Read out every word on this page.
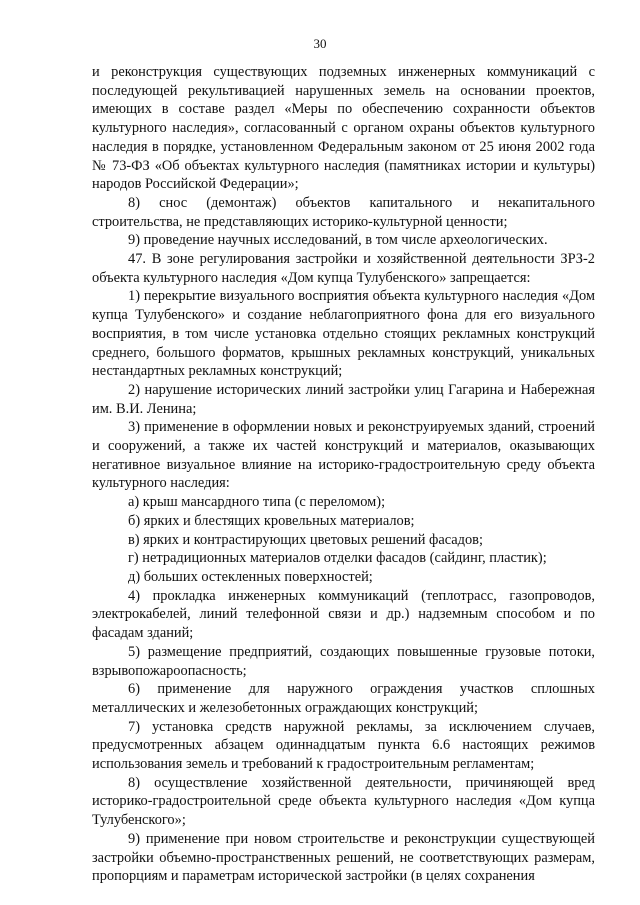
30

и реконструкция существующих подземных инженерных коммуникаций с последующей рекультивацией нарушенных земель на основании проектов, имеющих в составе раздел «Меры по обеспечению сохранности объектов культурного наследия», согласованный с органом охраны объектов культурного наследия в порядке, установленном Федеральным законом от 25 июня 2002 года № 73-ФЗ «Об объектах культурного наследия (памятниках истории и культуры) народов Российской Федерации»;

8) снос (демонтаж) объектов капитального и некапитального строительства, не представляющих историко-культурной ценности;

9) проведение научных исследований, в том числе археологических.

47. В зоне регулирования застройки и хозяйственной деятельности ЗРЗ-2 объекта культурного наследия «Дом купца Тулубенского» запрещается:

1) перекрытие визуального восприятия объекта культурного наследия «Дом купца Тулубенского» и создание неблагоприятного фона для его визуального восприятия, в том числе установка отдельно стоящих рекламных конструкций среднего, большого форматов, крышных рекламных конструкций, уникальных нестандартных рекламных конструкций;

2) нарушение исторических линий застройки улиц Гагарина и Набережная им. В.И. Ленина;

3) применение в оформлении новых и реконструируемых зданий, строений и сооружений, а также их частей конструкций и материалов, оказывающих негативное визуальное влияние на историко-градостроительную среду объекта культурного наследия:

а) крыш мансардного типа (с переломом);

б) ярких и блестящих кровельных материалов;

в) ярких и контрастирующих цветовых решений фасадов;

г) нетрадиционных материалов отделки фасадов (сайдинг, пластик);

д) больших остекленных поверхностей;

4) прокладка инженерных коммуникаций (теплотрасс, газопроводов, электрокабелей, линий телефонной связи и др.) надземным способом и по фасадам зданий;

5) размещение предприятий, создающих повышенные грузовые потоки, взрывопожароопасность;

6) применение для наружного ограждения участков сплошных металлических и железобетонных ограждающих конструкций;

7) установка средств наружной рекламы, за исключением случаев, предусмотренных абзацем одиннадцатым пункта 6.6 настоящих режимов использования земель и требований к градостроительным регламентам;

8) осуществление хозяйственной деятельности, причиняющей вред историко-градостроительной среде объекта культурного наследия «Дом купца Тулубенского»;

9) применение при новом строительстве и реконструкции существующей застройки объемно-пространственных решений, не соответствующих размерам, пропорциям и параметрам исторической застройки (в целях сохранения
